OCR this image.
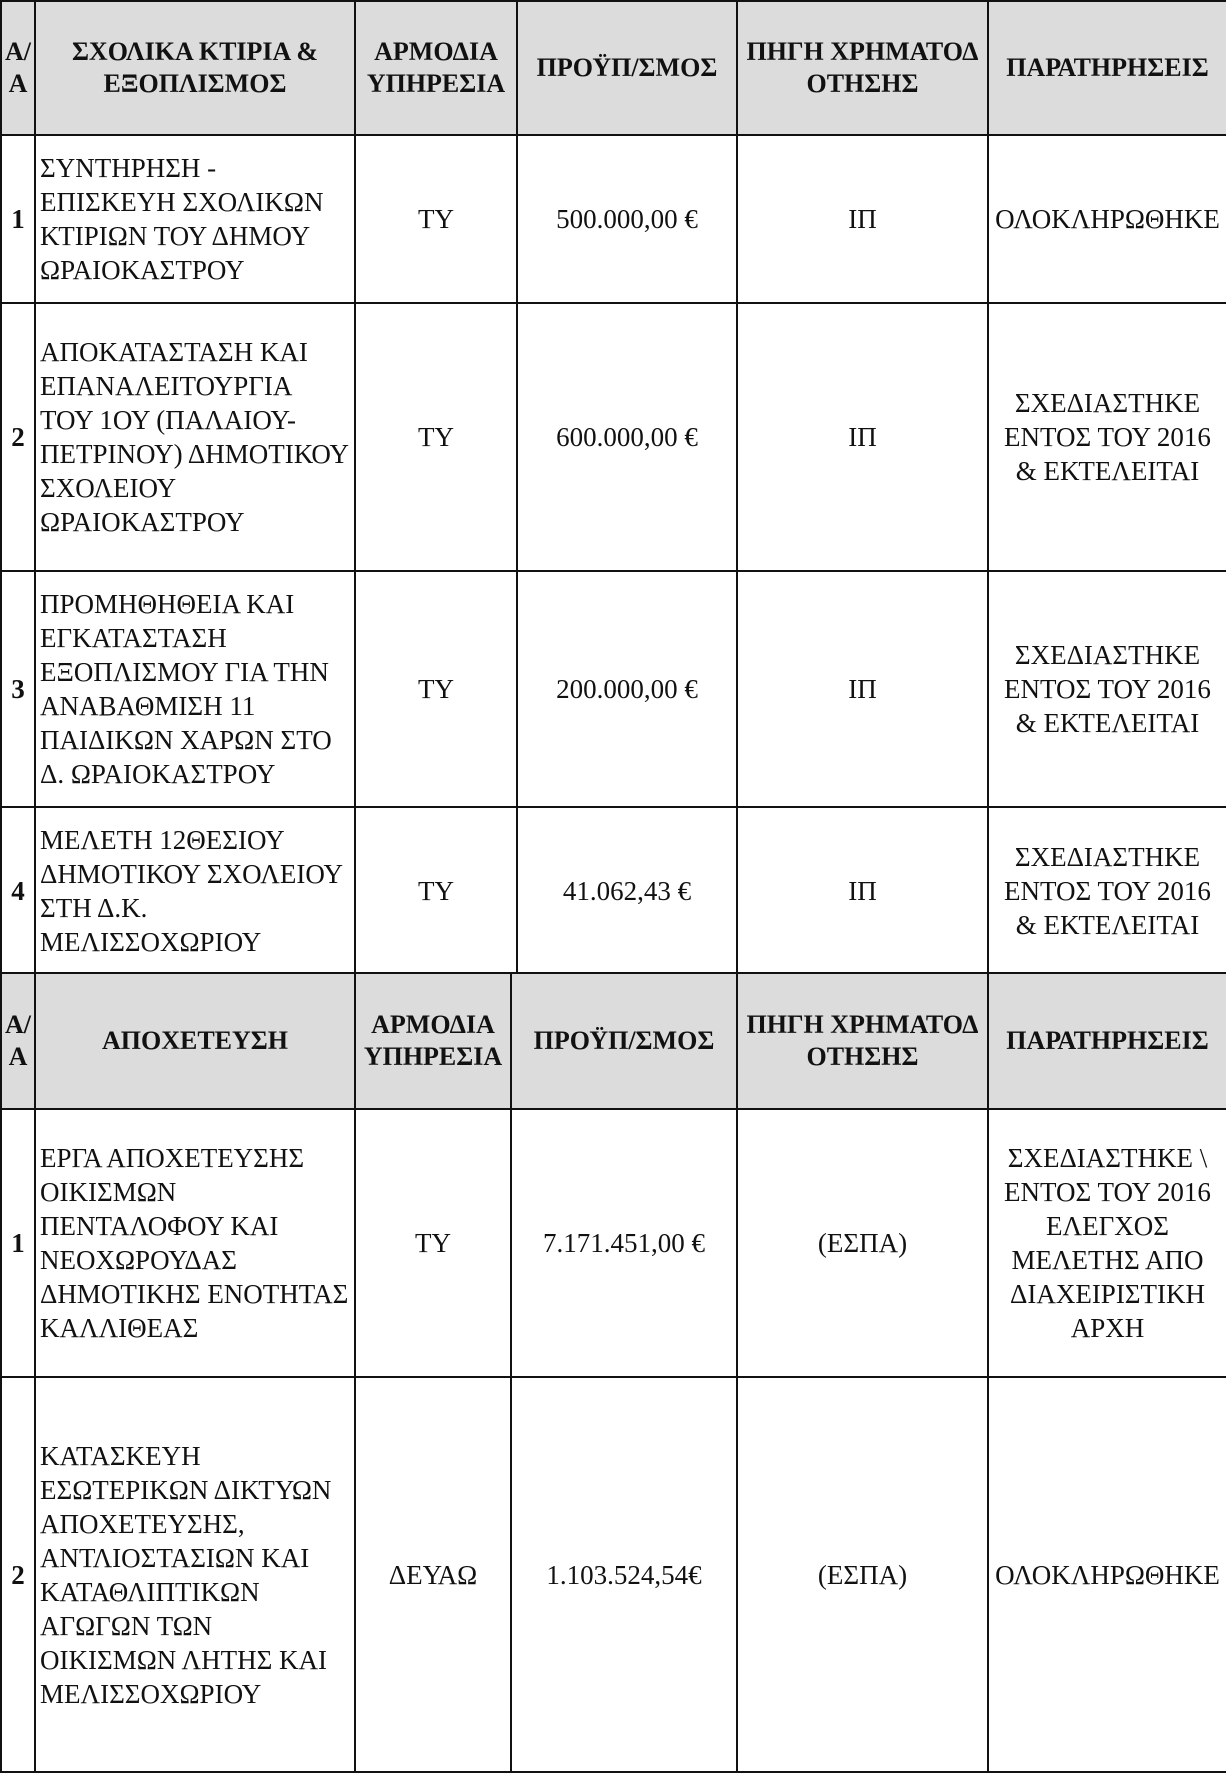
Α/ Α	ΣΧΟΛΙΚΑ ΚΤΙΡΙΑ & ΕΞΟΠΛΙΣΜΟΣ	ΑΡΜΟΔΙΑ ΥΠΗΡΕΣΙΑ	ΠΡΟΫΠ/ΣΜΟΣ	ΠΗΓΗ ΧΡΗΜΑΤΟΔ ΟΤΗΣΗΣ	ΠΑΡΑΤΗΡΗΣΕΙΣ
1	ΣΥΝΤΗΡΗΣΗ - ΕΠΙΣΚΕΥΗ ΣΧΟΛΙΚΩΝ ΚΤΙΡΙΩΝ ΤΟΥ ΔΗΜΟΥ ΩΡΑΙΟΚΑΣΤΡΟΥ	ΤΥ	500.000,00 €	ΙΠ	ΟΛΟΚΛΗΡΩΘΗΚΕ
2	ΑΠΟΚΑΤΑΣΤΑΣΗ ΚΑΙ ΕΠΑΝΑΛΕΙΤΟΥΡΓΙΑ ΤΟΥ 1ΟΥ (ΠΑΛΑΙΟΥ-ΠΕΤΡΙΝΟΥ) ΔΗΜΟΤΙΚΟΥ ΣΧΟΛΕΙΟΥ ΩΡΑΙΟΚΑΣΤΡΟΥ	ΤΥ	600.000,00 €	ΙΠ	ΣΧΕΔΙΑΣΤΗΚΕ ΕΝΤΟΣ ΤΟΥ 2016 & ΕΚΤΕΛΕΙΤΑΙ
3	ΠΡΟΜΗΘΗΘΕΙΑ ΚΑΙ ΕΓΚΑΤΑΣΤΑΣΗ ΕΞΟΠΛΙΣΜΟΥ ΓΙΑ ΤΗΝ ΑΝΑΒΑΘΜΙΣΗ 11 ΠΑΙΔΙΚΩΝ ΧΑΡΩΝ ΣΤΟ Δ. ΩΡΑΙΟΚΑΣΤΡΟΥ	ΤΥ	200.000,00 €	ΙΠ	ΣΧΕΔΙΑΣΤΗΚΕ ΕΝΤΟΣ ΤΟΥ 2016 & ΕΚΤΕΛΕΙΤΑΙ
4	ΜΕΛΕΤΗ 12ΘΕΣΙΟΥ ΔΗΜΟΤΙΚΟΥ ΣΧΟΛΕΙΟΥ ΣΤΗ Δ.Κ. ΜΕΛΙΣΣΟΧΩΡΙΟΥ	ΤΥ	41.062,43 €	ΙΠ	ΣΧΕΔΙΑΣΤΗΚΕ ΕΝΤΟΣ ΤΟΥ 2016 & ΕΚΤΕΛΕΙΤΑΙ
Α/ Α	ΑΠΟΧΕΤΕΥΣΗ	ΑΡΜΟΔΙΑ ΥΠΗΡΕΣΙΑ	ΠΡΟΫΠ/ΣΜΟΣ	ΠΗΓΗ ΧΡΗΜΑΤΟΔ ΟΤΗΣΗΣ	ΠΑΡΑΤΗΡΗΣΕΙΣ
1	ΕΡΓΑ ΑΠΟΧΕΤΕΥΣΗΣ ΟΙΚΙΣΜΩΝ ΠΕΝΤΑΛΟΦΟΥ ΚΑΙ ΝΕΟΧΩΡΟΥΔΑΣ ΔΗΜΟΤΙΚΗΣ ΕΝΟΤΗΤΑΣ ΚΑΛΛΙΘΕΑΣ	ΤΥ	7.171.451,00 €	(ΕΣΠΑ)	ΣΧΕΔΙΑΣΤΗΚΕ \ ΕΝΤΟΣ ΤΟΥ 2016 ΕΛΕΓΧΟΣ ΜΕΛΕΤΗΣ ΑΠΟ ΔΙΑΧΕΙΡΙΣΤΙΚΗ ΑΡΧΗ
2	ΚΑΤΑΣΚΕΥΗ ΕΣΩΤΕΡΙΚΩΝ ΔΙΚΤΥΩΝ ΑΠΟΧΕΤΕΥΣΗΣ, ΑΝΤΛΙΟΣΤΑΣΙΩΝ ΚΑΙ ΚΑΤΑΘΛΙΠΤΙΚΩΝ ΑΓΩΓΩΝ ΤΩΝ ΟΙΚΙΣΜΩΝ ΛΗΤΗΣ ΚΑΙ ΜΕΛΙΣΣΟΧΩΡΙΟΥ	ΔΕΥΑΩ	1.103.524,54€	(ΕΣΠΑ)	ΟΛΟΚΛΗΡΩΘΗΚΕ
